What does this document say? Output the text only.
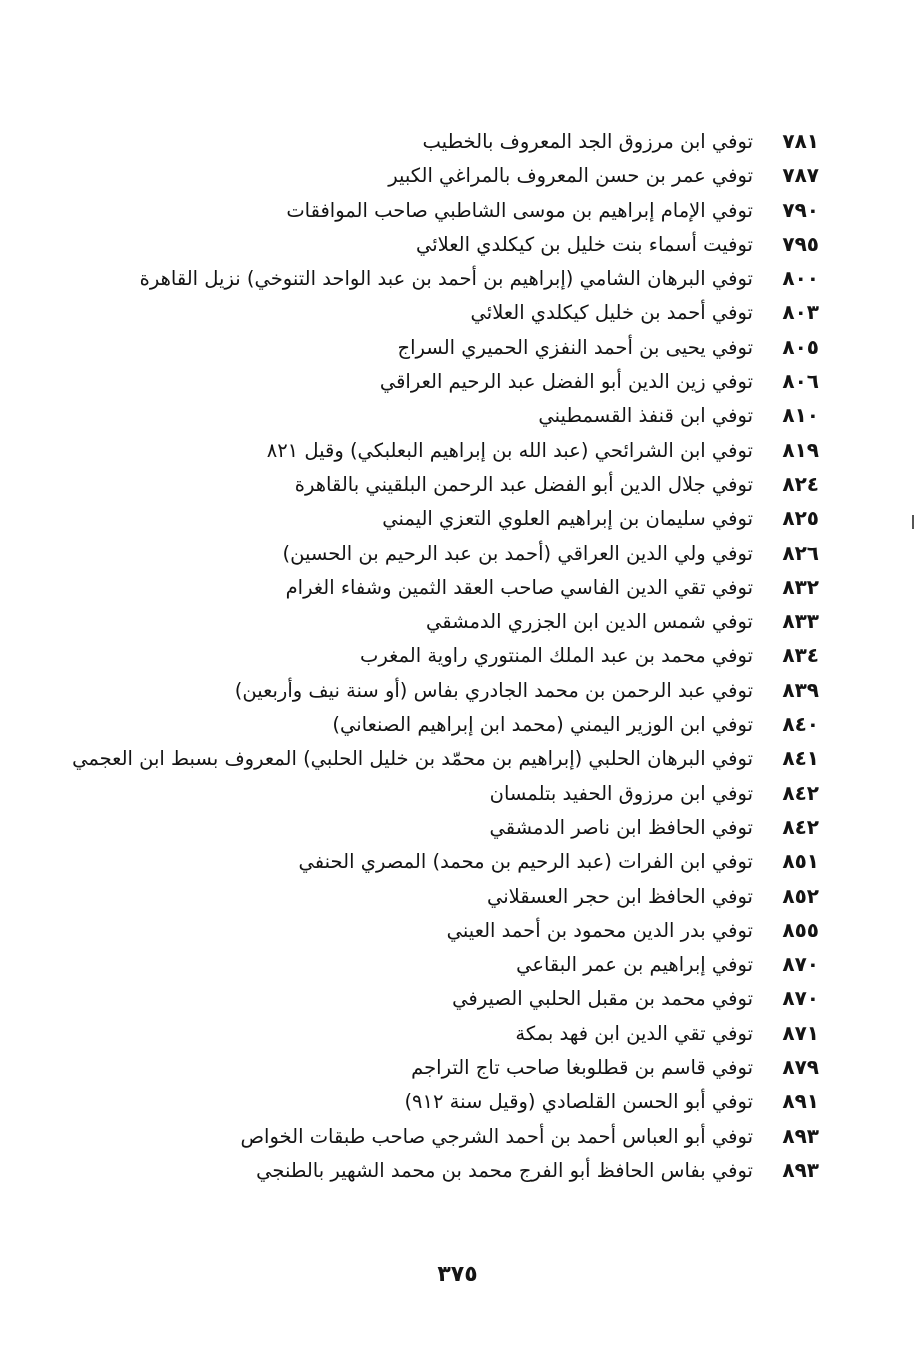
٧٨١توفي ابن مرزوق الجد المعروف بالخطيب
٧٨٧توفي عمر بن حسن المعروف بالمراغي الكبير
٧٩٠توفي الإمام إبراهيم بن موسى الشاطبي صاحب الموافقات
٧٩٥توفيت أسماء بنت خليل بن كيكلدي العلائي
٨٠٠توفي البرهان الشامي (إبراهيم بن أحمد بن عبد الواحد التنوخي) نزيل القاهرة
٨٠٣توفي أحمد بن خليل كيكلدي العلائي
٨٠٥توفي يحيى بن أحمد النفزي الحميري السراج
٨٠٦توفي زين الدين أبو الفضل عبد الرحيم العراقي
٨١٠توفي ابن قنفذ القسمطيني
٨١٩توفي ابن الشرائحي (عبد الله بن إبراهيم البعلبكي) وقيل ٨٢١
٨٢٤توفي جلال الدين أبو الفضل عبد الرحمن البلقيني بالقاهرة
٨٢٥توفي سليمان بن إبراهيم العلوي التعزي اليمني
٨٢٦توفي ولي الدين العراقي (أحمد بن عبد الرحيم بن الحسين)
٨٣٢توفي تقي الدين الفاسي صاحب العقد الثمين وشفاء الغرام
٨٣٣توفي شمس الدين ابن الجزري الدمشقي
٨٣٤توفي محمد بن عبد الملك المنتوري راوية المغرب
٨٣٩توفي عبد الرحمن بن محمد الجادري بفاس (أو سنة نيف وأربعين)
٨٤٠توفي ابن الوزير اليمني (محمد ابن إبراهيم الصنعاني)
٨٤١توفي البرهان الحلبي (إبراهيم بن محمّد بن خليل الحلبي) المعروف بسبط ابن العجمي
٨٤٢توفي ابن مرزوق الحفيد بتلمسان
٨٤٢توفي الحافظ ابن ناصر الدمشقي
٨٥١توفي ابن الفرات (عبد الرحيم بن محمد) المصري الحنفي
٨٥٢توفي الحافظ ابن حجر العسقلاني
٨٥٥توفي بدر الدين محمود بن أحمد العيني
٨٧٠توفي إبراهيم بن عمر البقاعي
٨٧٠توفي محمد بن مقبل الحلبي الصيرفي
٨٧١توفي تقي الدين ابن فهد بمكة
٨٧٩توفي قاسم بن قطلوبغا صاحب تاج التراجم
٨٩١توفي أبو الحسن القلصادي (وقيل سنة ٩١٢)
٨٩٣توفي أبو العباس أحمد بن أحمد الشرجي صاحب طبقات الخواص
٨٩٣توفي بفاس الحافظ أبو الفرج محمد بن محمد الشهير بالطنجي
٣٧٥
